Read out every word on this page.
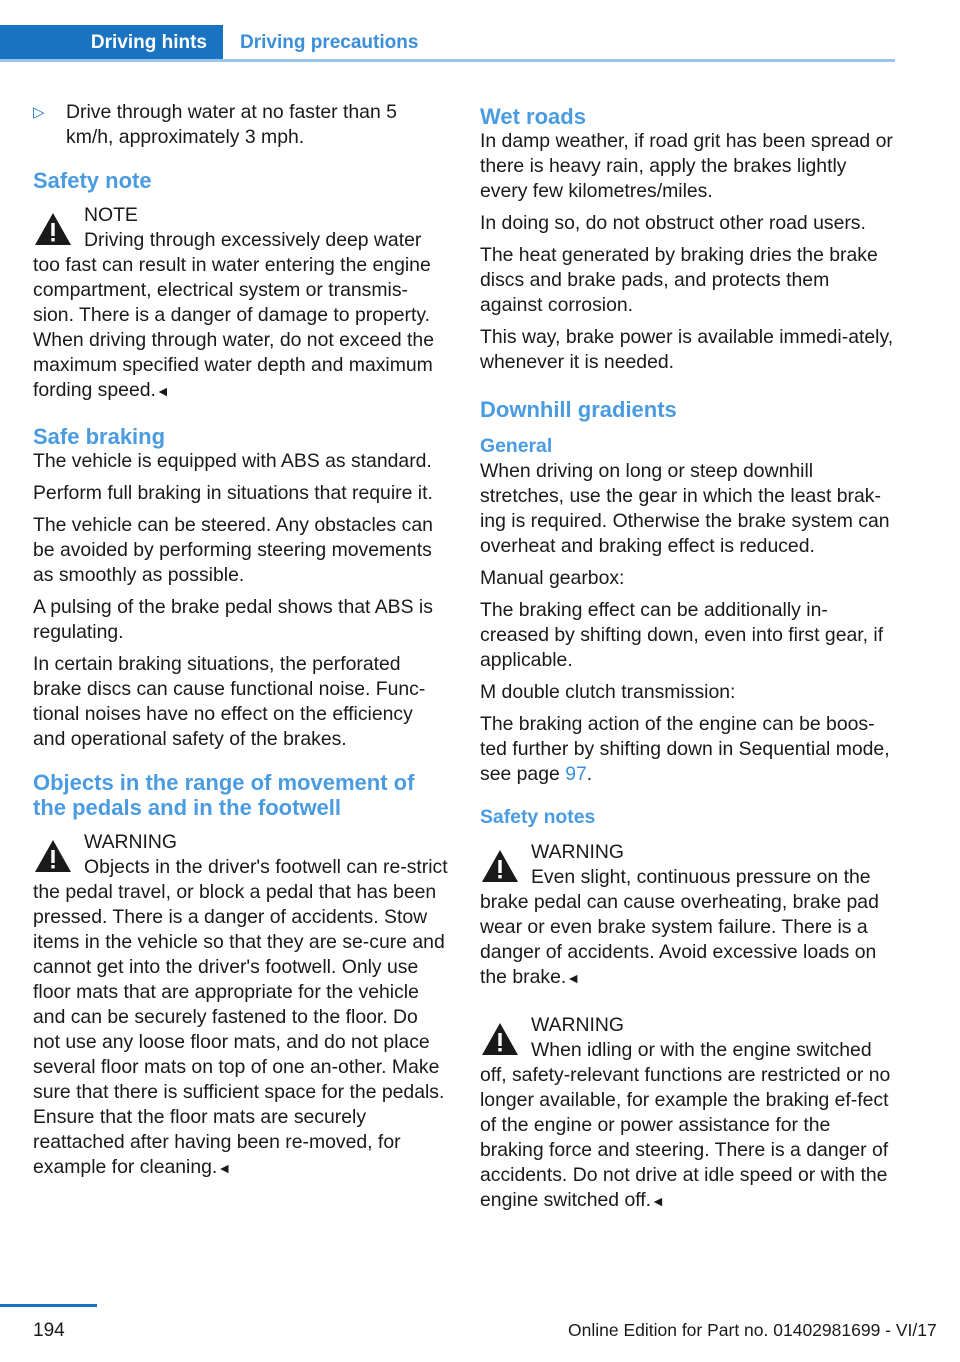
Driving hints	Driving precautions
▷	Drive through water at no faster than 5 km/h, approximately 3 mph.
Safety note

NOTE

Driving through excessively deep water too fast can result in water entering the engine compartment, electrical system or transmis‐sion. There is a danger of damage to property. When driving through water, do not exceed the maximum specified water depth and maximum fording speed.◄
Safe braking

The vehicle is equipped with ABS as standard.

Perform full braking in situations that require it.

The vehicle can be steered. Any obstacles can be avoided by performing steering movements as smoothly as possible.

A pulsing of the brake pedal shows that ABS is regulating.

In certain braking situations, the perforated brake discs can cause functional noise. Func‐tional noises have no effect on the efficiency and operational safety of the brakes.

Objects in the range of movement of the pedals and in the footwell

WARNING

Objects in the driver's footwell can re‐strict the pedal travel, or block a pedal that has been pressed. There is a danger of accidents. Stow items in the vehicle so that they are se‐cure and cannot get into the driver's footwell. Only use floor mats that are appropriate for the vehicle and can be securely fastened to the floor. Do not use any loose floor mats, and do not place several floor mats on top of one an‐other. Make sure that there is sufficient space for the pedals. Ensure that the floor mats are securely reattached after having been re‐moved, for example for cleaning.◄
Wet roads

In damp weather, if road grit has been spread or there is heavy rain, apply the brakes lightly every few kilometres/miles.

In doing so, do not obstruct other road users.

The heat generated by braking dries the brake discs and brake pads, and protects them against corrosion.

This way, brake power is available immedi‐ately, whenever it is needed.

Downhill gradients
General

When driving on long or steep downhill stretches, use the gear in which the least brak‐ing is required. Otherwise the brake system can overheat and braking effect is reduced.

Manual gearbox:

The braking effect can be additionally in‐creased by shifting down, even into first gear, if applicable.

M double clutch transmission:

The braking action of the engine can be boos‐ted further by shifting down in Sequential mode, see page 97.

Safety notes

WARNING

Even slight, continuous pressure on the brake pedal can cause overheating, brake pad wear or even brake system failure. There is a danger of accidents. Avoid excessive loads on the brake.◄

WARNING

When idling or with the engine switched off, safety-relevant functions are restricted or no longer available, for example the braking ef‐fect of the engine or power assistance for the braking force and steering. There is a danger of accidents. Do not drive at idle speed or with the engine switched off.◄
194	Online Edition for Part no. 01402981699 - VI/17
